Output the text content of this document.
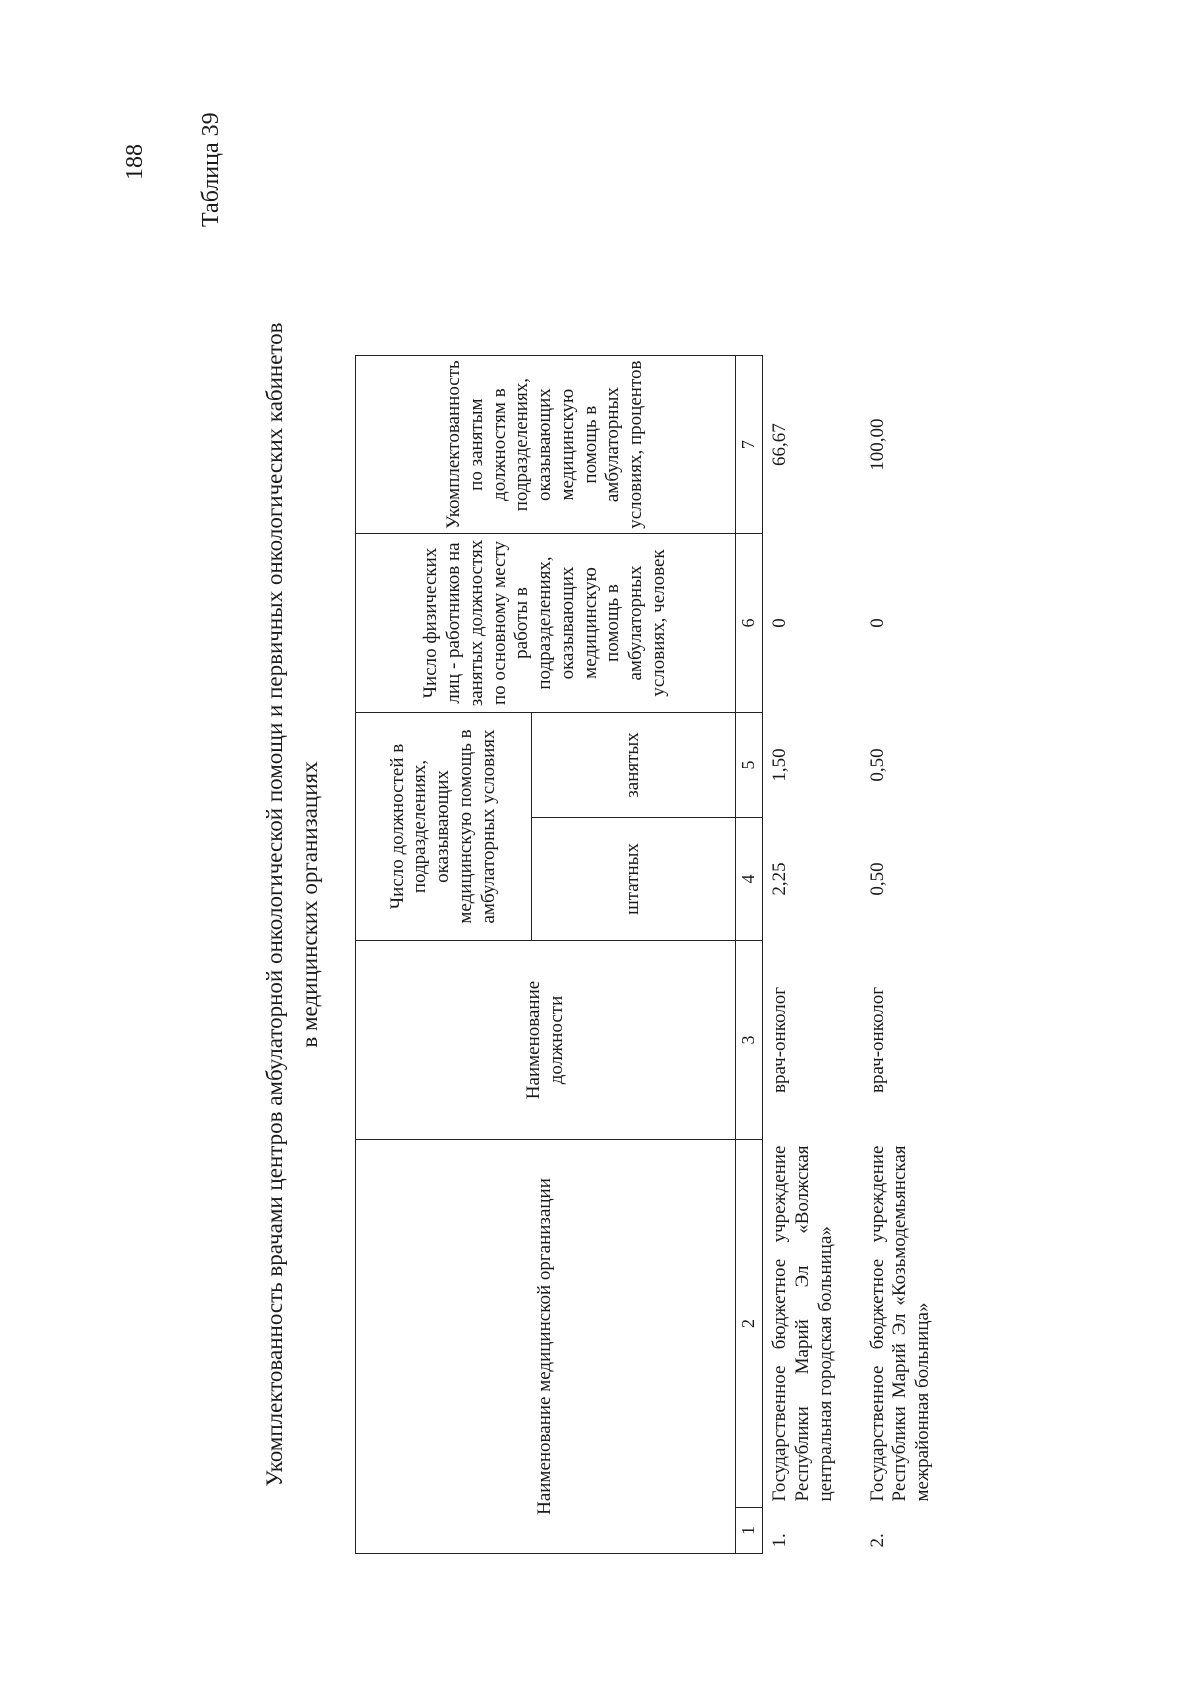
188 Таблица 39
Укомплектованность врачами центров амбулаторной онкологической помощи и первичных онкологических кабинетов в медицинских организациях
Наименование медицинской организации		Наименование должности	Число должностей в подразделениях, оказывающих медицинскую помощь в амбулаторных условиях		Число физических лиц - работников на занятых должностях по основному месту работы в подразделениях, оказывающих медицинскую помощь в амбулаторных условиях, человек	Укомплектованность по занятым должностям в подразделениях, оказывающих медицинскую помощь в амбулаторных условиях, процентов
			штатных	занятых		
1	2	3	4	5	6	7
1.	Государственное бюджетное учреждение Республики Марий Эл «Волжская центральная городская больница»	врач-онколог	2,25	1,50	0	66,67
2.	Государственное бюджетное учреждение Республики Марий Эл «Козьмодемьянская межрайонная больница»	врач-онколог	0,50	0,50	0	100,00
